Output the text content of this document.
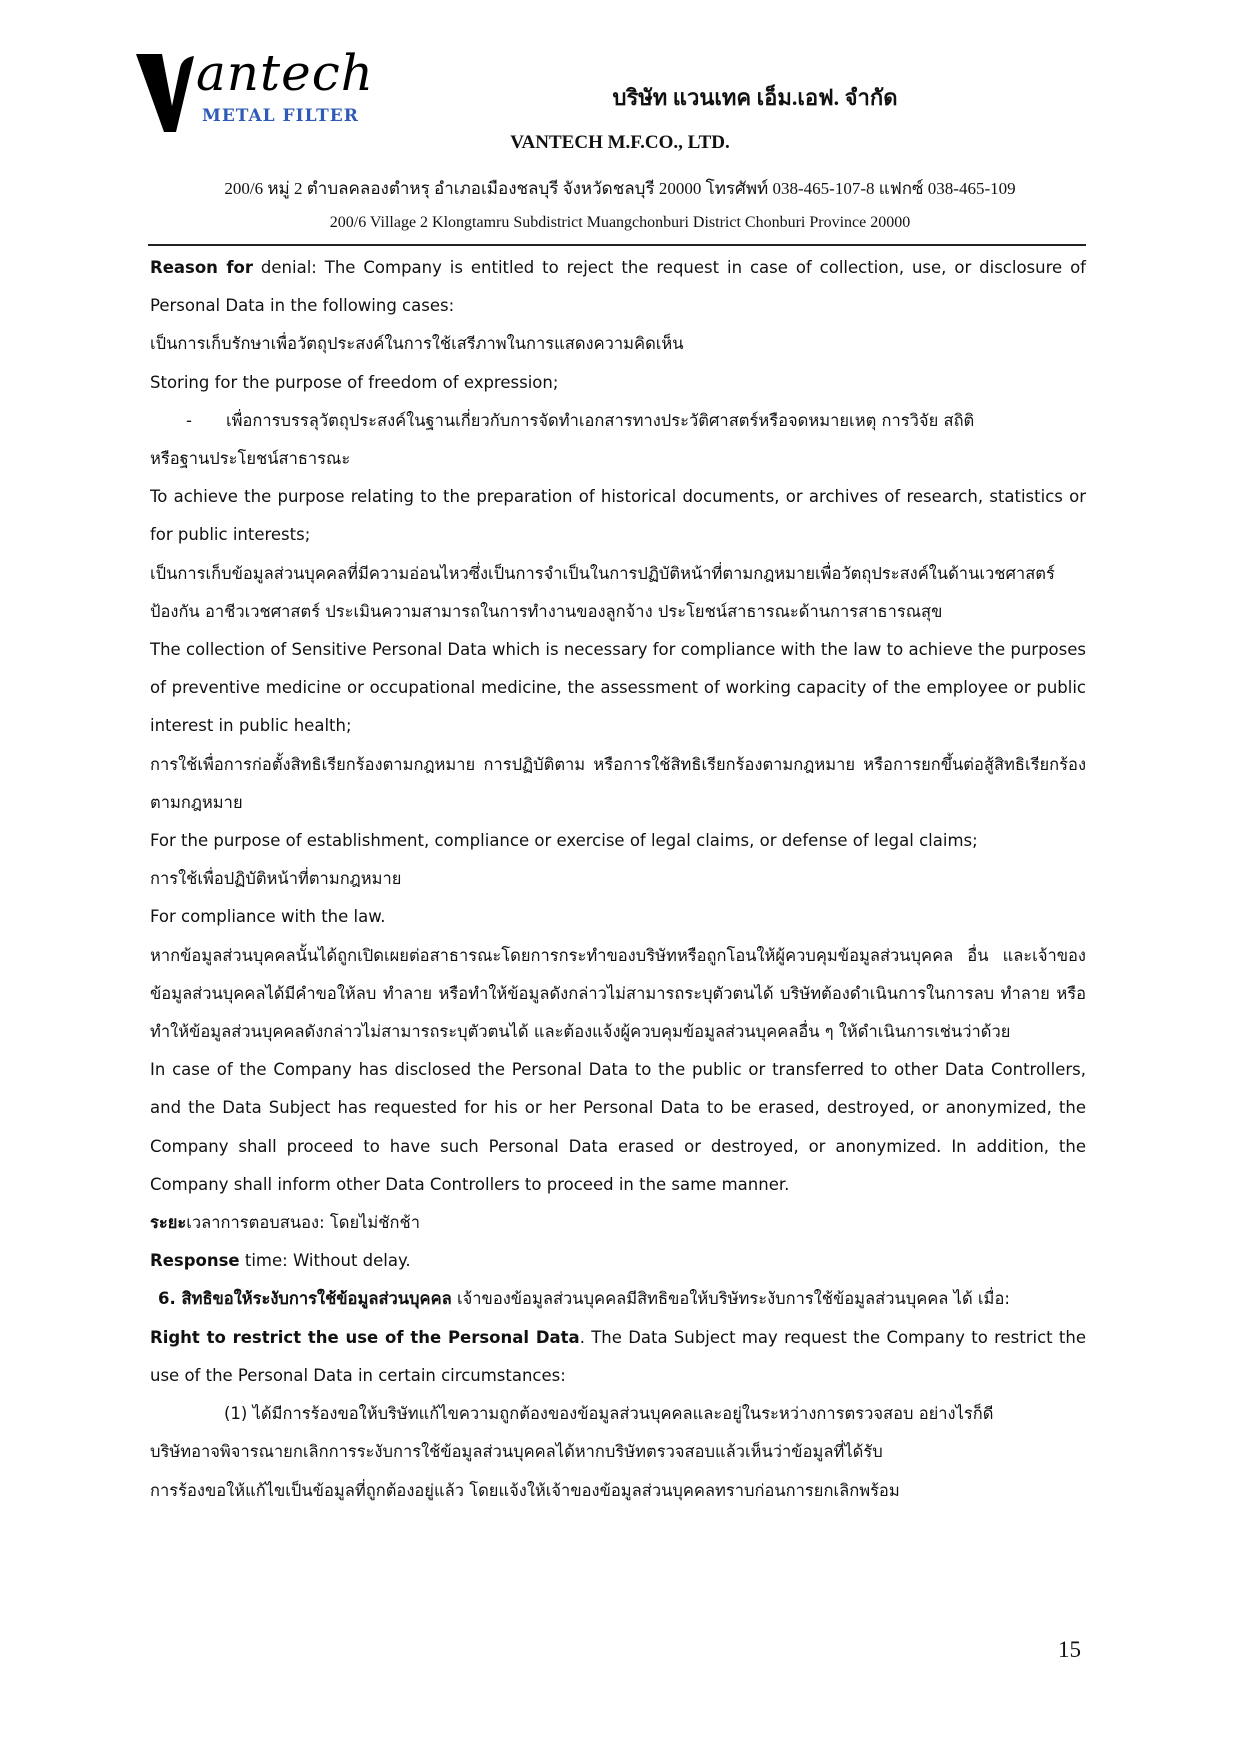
antech
METAL FILTER
บริษัท แวนเทค เอ็ม.เอฟ. จำกัด
VANTECH M.F.CO., LTD.
200/6 หมู่ 2 ตำบลคลองตำหรุ อำเภอเมืองชลบุรี จังหวัดชลบุรี 20000 โทรศัพท์ 038-465-107-8 แฟกซ์ 038-465-109
200/6 Village 2 Klongtamru Subdistrict Muangchonburi District Chonburi Province 20000

Reason for denial: The Company is entitled to reject the request in case of collection, use, or disclosure of Personal Data in the following cases:

เป็นการเก็บรักษาเพื่อวัตถุประสงค์ในการใช้เสรีภาพในการแสดงความคิดเห็น

Storing for the purpose of freedom of expression;

- เพื่อการบรรลุวัตถุประสงค์ในฐานเกี่ยวกับการจัดทำเอกสารทางประวัติศาสตร์หรือจดหมายเหตุ การวิจัย สถิติ

หรือฐานประโยชน์สาธารณะ

To achieve the purpose relating to the preparation of historical documents, or archives of research, statistics or for public interests;

เป็นการเก็บข้อมูลส่วนบุคคลที่มีความอ่อนไหวซึ่งเป็นการจำเป็นในการปฏิบัติหน้าที่ตามกฎหมายเพื่อวัตถุประสงค์ในด้านเวชศาสตร์ป้องกัน อาชีวเวชศาสตร์ ประเมินความสามารถในการทำงานของลูกจ้าง ประโยชน์สาธารณะด้านการสาธารณสุข

The collection of Sensitive Personal Data which is necessary for compliance with the law to achieve the purposes of preventive medicine or occupational medicine, the assessment of working capacity of the employee or public interest in public health;

การใช้เพื่อการก่อตั้งสิทธิเรียกร้องตามกฎหมาย การปฏิบัติตาม หรือการใช้สิทธิเรียกร้องตามกฎหมาย หรือการยกขึ้นต่อสู้สิทธิเรียกร้องตามกฎหมาย

For the purpose of establishment, compliance or exercise of legal claims, or defense of legal claims;

การใช้เพื่อปฏิบัติหน้าที่ตามกฎหมาย

For compliance with the law.

หากข้อมูลส่วนบุคคลนั้นได้ถูกเปิดเผยต่อสาธารณะโดยการกระทำของบริษัทหรือถูกโอนให้ผู้ควบคุมข้อมูลส่วนบุคคล อื่น และเจ้าของข้อมูลส่วนบุคคลได้มีคำขอให้ลบ ทำลาย หรือทำให้ข้อมูลดังกล่าวไม่สามารถระบุตัวตนได้ บริษัทต้องดำเนินการในการลบ ทำลาย หรือทำให้ข้อมูลส่วนบุคคลดังกล่าวไม่สามารถระบุตัวตนได้ และต้องแจ้งผู้ควบคุมข้อมูลส่วนบุคคลอื่น ๆ ให้ดำเนินการเช่นว่าด้วย

In case of the Company has disclosed the Personal Data to the public or transferred to other Data Controllers, and the Data Subject has requested for his or her Personal Data to be erased, destroyed, or anonymized, the Company shall proceed to have such Personal Data erased or destroyed, or anonymized. In addition, the Company shall inform other Data Controllers to proceed in the same manner.

ระยะเวลาการตอบสนอง: โดยไม่ชักช้า

Response time: Without delay.

6. สิทธิขอให้ระงับการใช้ข้อมูลส่วนบุคคล เจ้าของข้อมูลส่วนบุคคลมีสิทธิขอให้บริษัทระงับการใช้ข้อมูลส่วนบุคคล ได้ เมื่อ:

Right to restrict the use of the Personal Data. The Data Subject may request the Company to restrict the use of the Personal Data in certain circumstances:

(1) ได้มีการร้องขอให้บริษัทแก้ไขความถูกต้องของข้อมูลส่วนบุคคลและอยู่ในระหว่างการตรวจสอบ อย่างไรก็ดี

บริษัทอาจพิจารณายกเลิกการระงับการใช้ข้อมูลส่วนบุคคลได้หากบริษัทตรวจสอบแล้วเห็นว่าข้อมูลที่ได้รับ

การร้องขอให้แก้ไขเป็นข้อมูลที่ถูกต้องอยู่แล้ว โดยแจ้งให้เจ้าของข้อมูลส่วนบุคคลทราบก่อนการยกเลิกพร้อม

15
